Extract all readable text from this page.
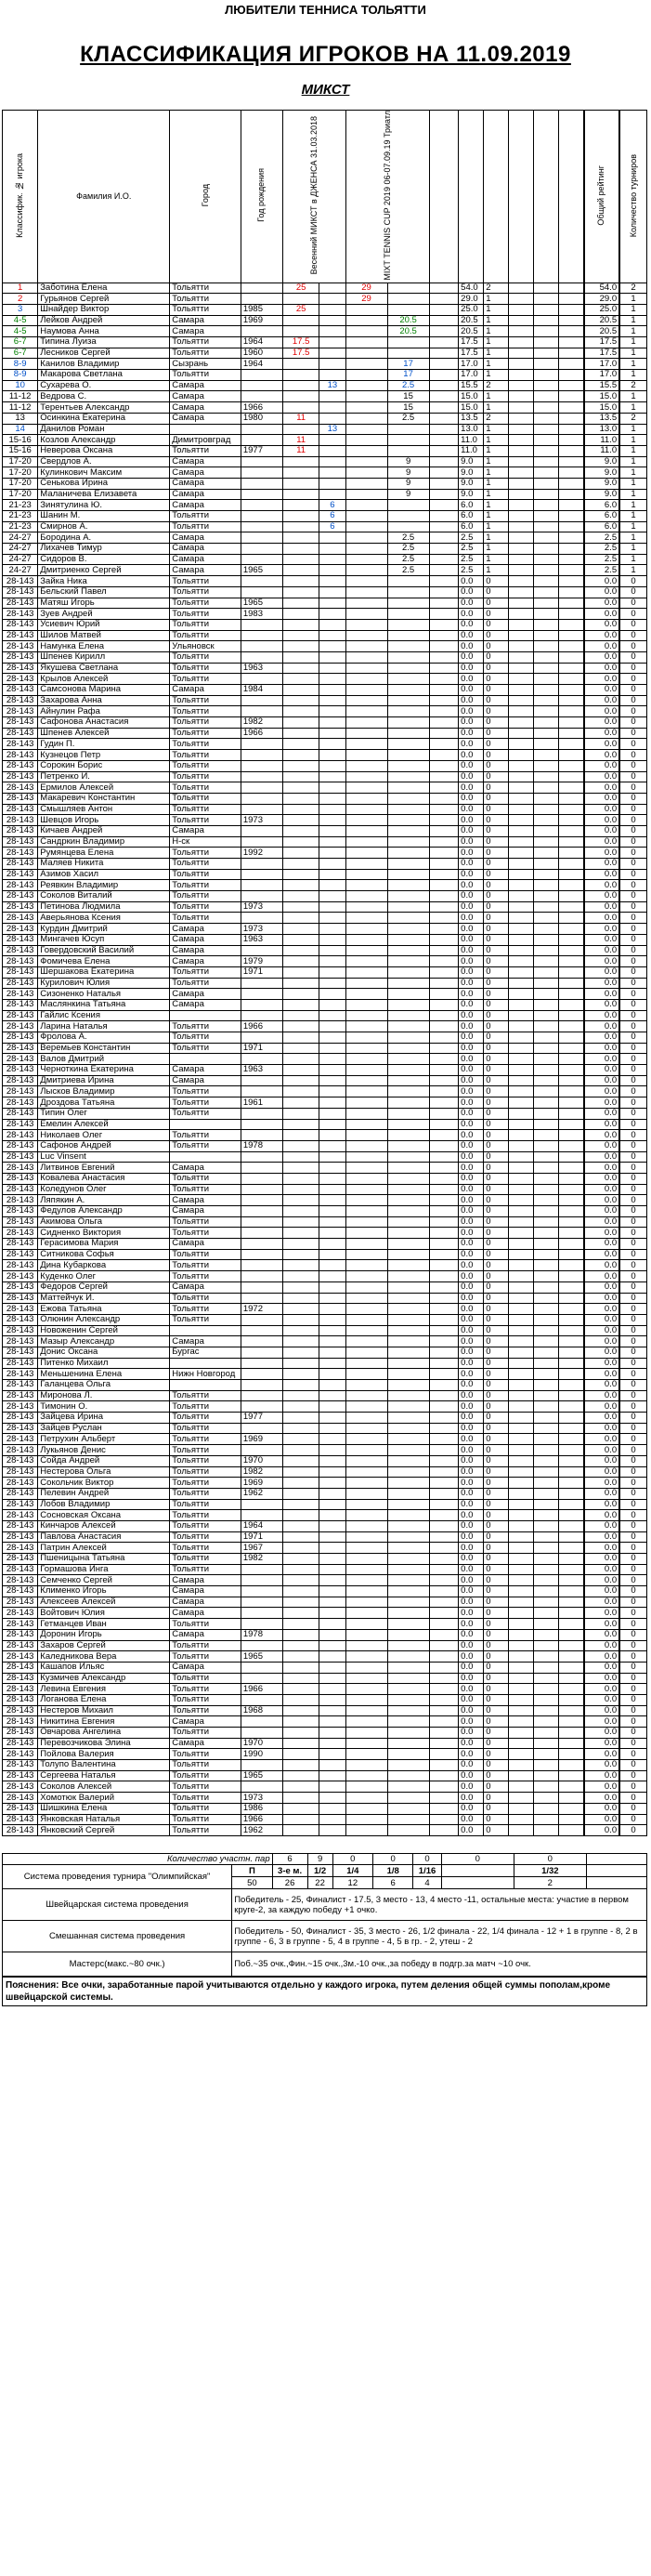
ЛЮБИТЕЛИ ТЕННИСА ТОЛЬЯТТИ
КЛАССИФИКАЦИЯ ИГРОКОВ НА 11.09.2019
МИКСТ
Классифик. № игрока	Фамилия И.О.	Город	Год рождения	Весенний МИКСТ в ДЖЕНСА 31.03.2018		MIXT TENNIS CUP 2019 06-07.09.19 Триатл								Общий рейтинг	Количество турниров
1	Заботина Елена	Тольятти		25		29			54.0	2				54.0	2
2	Гурьянов Сергей	Тольятти				29			29.0	1				29.0	1
3	Шнайдер Виктор	Тольятти	1985	25					25.0	1				25.0	1
4-5	Лейков Андрей	Самара	1969				20.5		20.5	1				20.5	1
4-5	Наумова Анна	Самара					20.5		20.5	1				20.5	1
6-7	Типина Луиза	Тольятти	1964	17.5					17.5	1				17.5	1
6-7	Лесников Сергей	Тольятти	1960	17.5					17.5	1				17.5	1
8-9	Канилов Владимир	Сызрань	1964				17		17.0	1				17.0	1
8-9	Макарова Светлана	Тольятти					17		17.0	1				17.0	1
10	Сухарева О.	Самара			13		2.5		15.5	2				15.5	2
11-12	Ведрова С.	Самара					15		15.0	1				15.0	1
11-12	Терентьев Александр	Самара	1966				15		15.0	1				15.0	1
13	Осинкина Екатерина	Самара	1980	11			2.5		13.5	2				13.5	2
14	Данилов Роман				13				13.0	1				13.0	1
15-16	Козлов Александр	Димитровград		11					11.0	1				11.0	1
15-16	Неверова Оксана	Тольятти	1977	11					11.0	1				11.0	1
17-20	Свердлов А.	Самара					9		9.0	1				9.0	1
17-20	Кулинкович Максим	Самара					9		9.0	1				9.0	1
17-20	Сенькова Ирина	Самара					9		9.0	1				9.0	1
17-20	Маланичева Елизавета	Самара					9		9.0	1				9.0	1
21-23	Зинятулина Ю.	Самара			6				6.0	1				6.0	1
21-23	Шанин М.	Тольятти			6				6.0	1				6.0	1
21-23	Смирнов А.	Тольятти			6				6.0	1				6.0	1
24-27	Бородина А.	Самара					2.5		2.5	1				2.5	1
24-27	Лихачев Тимур	Самара					2.5		2.5	1				2.5	1
24-27	Сидоров В.	Самара					2.5		2.5	1				2.5	1
24-27	Дмитриенко Сергей	Самара	1965				2.5		2.5	1				2.5	1
28-143	Зайка Ника	Тольятти							0.0	0				0.0	0
28-143	Бельский Павел	Тольятти							0.0	0				0.0	0
28-143	Матяш Игорь	Тольятти	1965						0.0	0				0.0	0
28-143	Зуев Андрей	Тольятти	1983						0.0	0				0.0	0
28-143	Усиевич Юрий	Тольятти							0.0	0				0.0	0
28-143	Шилов Матвей	Тольятти							0.0	0				0.0	0
28-143	Намунка Елена	Ульяновск							0.0	0				0.0	0
28-143	Шпенев Кирилл	Тольятти							0.0	0				0.0	0
28-143	Якушева Светлана	Тольятти	1963						0.0	0				0.0	0
28-143	Крылов Алексей	Тольятти							0.0	0				0.0	0
28-143	Самсонова Марина	Самара	1984						0.0	0				0.0	0
28-143	Захарова Анна	Тольятти							0.0	0				0.0	0
28-143	Айнулин Рафа	Тольятти							0.0	0				0.0	0
28-143	Сафонова Анастасия	Тольятти	1982						0.0	0				0.0	0
28-143	Шпенев Алексей	Тольятти	1966						0.0	0				0.0	0
28-143	Гудин П.	Тольятти							0.0	0				0.0	0
28-143	Кузнецов Петр	Тольятти							0.0	0				0.0	0
28-143	Сорокин Борис	Тольятти							0.0	0				0.0	0
28-143	Петренко И.	Тольятти							0.0	0				0.0	0
28-143	Ермилов Алексей	Тольятти							0.0	0				0.0	0
28-143	Макаревич Константин	Тольятти							0.0	0				0.0	0
28-143	Смышляев Антон	Тольятти							0.0	0				0.0	0
28-143	Шевцов Игорь	Тольятти	1973						0.0	0				0.0	0
28-143	Кичаев Андрей	Самара							0.0	0				0.0	0
28-143	Сандркин Владимир	Н-ск							0.0	0				0.0	0
28-143	Румянцева Елена	Тольятти	1992						0.0	0				0.0	0
28-143	Маляев Никита	Тольятти							0.0	0				0.0	0
28-143	Азимов Хасил	Тольятти							0.0	0				0.0	0
28-143	Реявкин Владимир	Тольятти							0.0	0				0.0	0
28-143	Соколов Виталий	Тольятти							0.0	0				0.0	0
28-143	Петинова Людмила	Тольятти	1973						0.0	0				0.0	0
28-143	Аверьянова Ксения	Тольятти							0.0	0				0.0	0
28-143	Курдин Дмитрий	Самара	1973						0.0	0				0.0	0
28-143	Мингачев Юсуп	Самара	1963						0.0	0				0.0	0
28-143	Говердовский Василий	Самара							0.0	0				0.0	0
28-143	Фомичева Елена	Самара	1979						0.0	0				0.0	0
28-143	Шершакова Екатерина	Тольятти	1971						0.0	0				0.0	0
28-143	Курилович Юлия	Тольятти							0.0	0				0.0	0
28-143	Сизоненко Наталья	Самара							0.0	0				0.0	0
28-143	Маслянкина Татьяна	Самара							0.0	0				0.0	0
28-143	Гайлис Ксения								0.0	0				0.0	0
28-143	Ларина Наталья	Тольятти	1966						0.0	0				0.0	0
28-143	Фролова А.	Тольятти							0.0	0				0.0	0
28-143	Веремьев Константин	Тольятти	1971						0.0	0				0.0	0
28-143	Валов Дмитрий								0.0	0				0.0	0
28-143	Черноткина Екатерина	Самара	1963						0.0	0				0.0	0
28-143	Дмитриева Ирина	Самара							0.0	0				0.0	0
28-143	Лысков Владимир	Тольятти							0.0	0				0.0	0
28-143	Дроздова Татьяна	Тольятти	1961						0.0	0				0.0	0
28-143	Типин Олег	Тольятти							0.0	0				0.0	0
28-143	Емелин Алексей								0.0	0				0.0	0
28-143	Николаев Олег	Тольятти							0.0	0				0.0	0
28-143	Сафонов Андрей	Тольятти	1978						0.0	0				0.0	0
28-143	Luc Vinsent								0.0	0				0.0	0
28-143	Литвинов Евгений	Самара							0.0	0				0.0	0
28-143	Ковалева Анастасия	Тольятти							0.0	0				0.0	0
28-143	Коледунов Олег	Тольятти							0.0	0				0.0	0
28-143	Ляпякин А.	Самара							0.0	0				0.0	0
28-143	Федулов Александр	Самара							0.0	0				0.0	0
28-143	Акимова Ольга	Тольятти							0.0	0				0.0	0
28-143	Сидненко Виктория	Тольятти							0.0	0				0.0	0
28-143	Герасимова Мария	Самара							0.0	0				0.0	0
28-143	Ситникова Софья	Тольятти							0.0	0				0.0	0
28-143	Дина Кубаркова	Тольятти							0.0	0				0.0	0
28-143	Куденко Олег	Тольятти							0.0	0				0.0	0
28-143	Федоров Сергей	Самара							0.0	0				0.0	0
28-143	Маттейчук И.	Тольятти							0.0	0				0.0	0
28-143	Ежова Татьяна	Тольятти	1972						0.0	0				0.0	0
28-143	Олюнин Александр	Тольятти							0.0	0				0.0	0
28-143	Новоженин Сергей								0.0	0				0.0	0
28-143	Мазыр Александр	Самара							0.0	0				0.0	0
28-143	Донис Оксана	Бургас							0.0	0				0.0	0
28-143	Питенко Михаил								0.0	0				0.0	0
28-143	Меньшенина Елена	Нижн Новгород							0.0	0				0.0	0
28-143	Галанцева Ольга								0.0	0				0.0	0
28-143	Миронова Л.	Тольятти							0.0	0				0.0	0
28-143	Тимонин О.	Тольятти							0.0	0				0.0	0
28-143	Зайцева Ирина	Тольятти	1977						0.0	0				0.0	0
28-143	Зайцев Руслан	Тольятти							0.0	0				0.0	0
28-143	Петрухин Альберт	Тольятти	1969						0.0	0				0.0	0
28-143	Лукьянов Денис	Тольятти							0.0	0				0.0	0
28-143	Сойда Андрей	Тольятти	1970						0.0	0				0.0	0
28-143	Нестерова Ольга	Тольятти	1982						0.0	0				0.0	0
28-143	Сокольчик Виктор	Тольятти	1969						0.0	0				0.0	0
28-143	Пелевин Андрей	Тольятти	1962						0.0	0				0.0	0
28-143	Лобов Владимир	Тольятти							0.0	0				0.0	0
28-143	Сосновская Оксана	Тольятти							0.0	0				0.0	0
28-143	Кинчаров Алексей	Тольятти	1964						0.0	0				0.0	0
28-143	Павлова Анастасия	Тольятти	1971						0.0	0				0.0	0
28-143	Патрин Алексей	Тольятти	1967						0.0	0				0.0	0
28-143	Пшеницына Татьяна	Тольятти	1982						0.0	0				0.0	0
28-143	Гормашова Инга	Тольятти							0.0	0				0.0	0
28-143	Семченко Сергей	Самара							0.0	0				0.0	0
28-143	Клименко Игорь	Самара							0.0	0				0.0	0
28-143	Алексеев Алексей	Самара							0.0	0				0.0	0
28-143	Войтович Юлия	Самара							0.0	0				0.0	0
28-143	Гетманцев Иван	Тольятти							0.0	0				0.0	0
28-143	Доронин Игорь	Самара	1978						0.0	0				0.0	0
28-143	Захаров Сергей	Тольятти							0.0	0				0.0	0
28-143	Каледникова Вера	Тольятти	1965						0.0	0				0.0	0
28-143	Кашапов Ильяс	Самара							0.0	0				0.0	0
28-143	Кузмичев Александр	Тольятти							0.0	0				0.0	0
28-143	Левина Евгения	Тольятти	1966						0.0	0				0.0	0
28-143	Логанова Елена	Тольятти							0.0	0				0.0	0
28-143	Нестеров Михаил	Тольятти	1968						0.0	0				0.0	0
28-143	Никитина Евгения	Самара							0.0	0				0.0	0
28-143	Овчарова Ангелина	Тольятти							0.0	0				0.0	0
28-143	Перевозчикова Элина	Самара	1970						0.0	0				0.0	0
28-143	Пойлова Валерия	Тольятти	1990						0.0	0				0.0	0
28-143	Толупо Валентина	Тольятти							0.0	0				0.0	0
28-143	Сергеева Наталья	Тольятти	1965						0.0	0				0.0	0
28-143	Соколов Алексей	Тольятти							0.0	0				0.0	0
28-143	Хомотюк Валерий	Тольятти	1973						0.0	0				0.0	0
28-143	Шишкина Елена	Тольятти	1986						0.0	0				0.0	0
28-143	Янковская Наталья	Тольятти	1966						0.0	0				0.0	0
28-143	Янковский Сергей	Тольятти	1962						0.0	0				0.0	0
Количество участн. пар		6	9	0	0	0	0	0	
Система проведения турнира "Олимпийская"	П	3-е м.	1/2	1/4	1/8	1/16		1/32	
	50	26	22	12	6	4		2	
Швейцарская система проведения	Победитель - 25, Финалист - 17.5, 3 место - 13, 4 место -11, остальные места: участие в первом круге-2, за каждую победу +1 очко.								
Смешанная система проведения	Победитель - 50, Финалист - 35, 3 место - 26, 1/2 финала - 22, 1/4 финала - 12 + 1 в группе - 8, 2 в группе - 6, 3 в группе - 5, 4 в группе - 4, 5 в гр. - 2, утеш - 2								
Мастерс(макс.~80 очк.)	Поб.~35 очк.,Фин.~15 очк.,3м.-10 очк.,за победу в подгр.за матч ~10 очк.								
Пояснения: Все очки, заработанные парой учитываются отдельно у каждого игрока, путем деления общей суммы пополам,кроме швейцарской системы.
